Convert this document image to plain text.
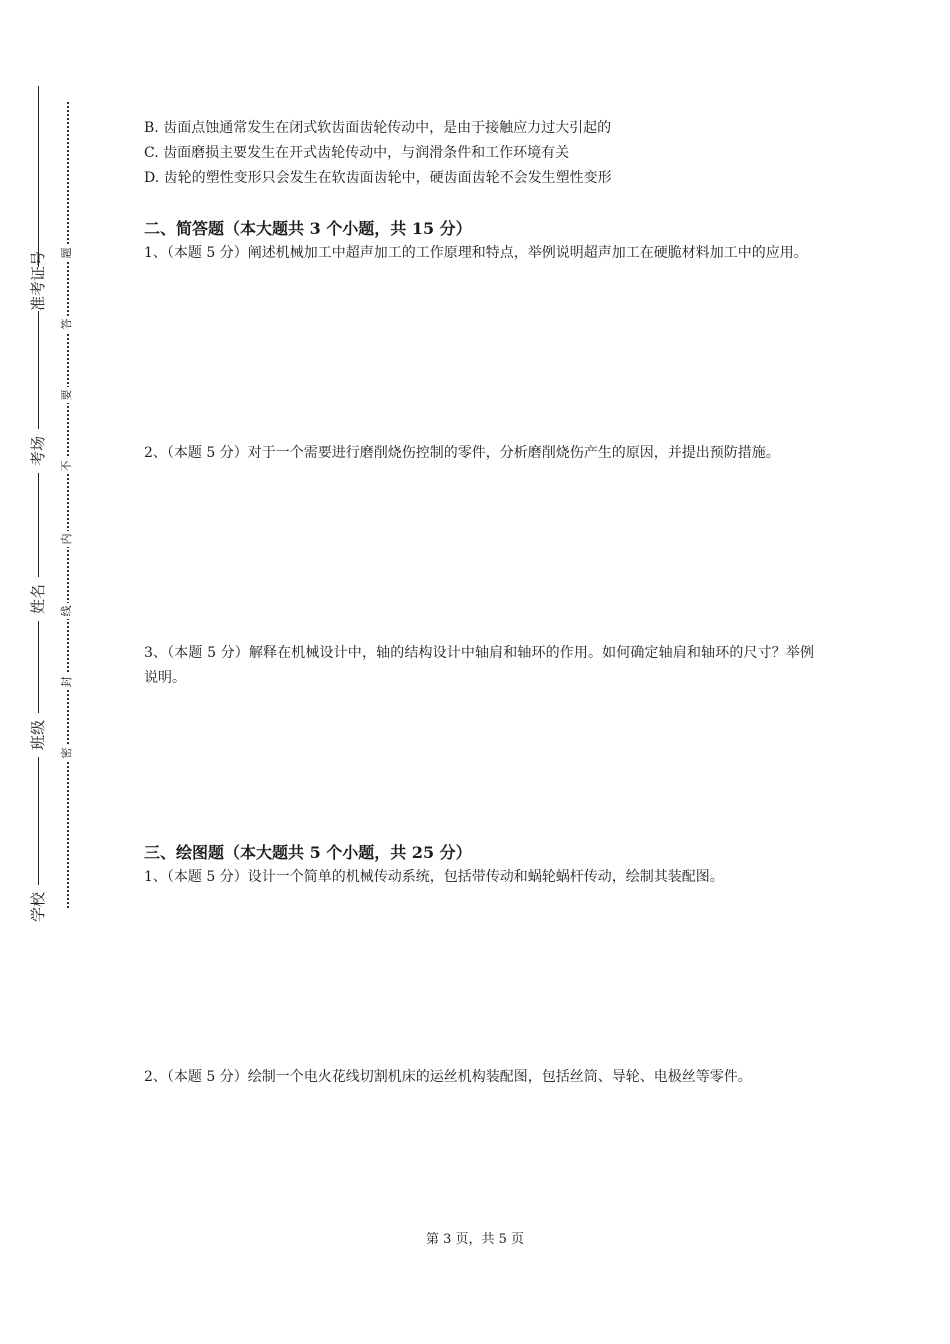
准考证号
考场
姓名
班级
学校
题
答
要
不
内
线
封
密

B. 齿面点蚀通常发生在闭式软齿面齿轮传动中，是由于接触应力过大引起的

C. 齿面磨损主要发生在开式齿轮传动中，与润滑条件和工作环境有关

D. 齿轮的塑性变形只会发生在软齿面齿轮中，硬齿面齿轮不会发生塑性变形

二、简答题（本大题共 3 个小题，共 15 分）

1、（本题 5 分）阐述机械加工中超声加工的工作原理和特点，举例说明超声加工在硬脆材料加工中的应用。

2、（本题 5 分）对于一个需要进行磨削烧伤控制的零件，分析磨削烧伤产生的原因，并提出预防措施。

3、（本题 5 分）解释在机械设计中，轴的结构设计中轴肩和轴环的作用。如何确定轴肩和轴环的尺寸？举例说明。

三、绘图题（本大题共 5 个小题，共 25 分）

1、（本题 5 分）设计一个简单的机械传动系统，包括带传动和蜗轮蜗杆传动，绘制其装配图。

2、（本题 5 分）绘制一个电火花线切割机床的运丝机构装配图，包括丝筒、导轮、电极丝等零件。

第 3 页，共 5 页
